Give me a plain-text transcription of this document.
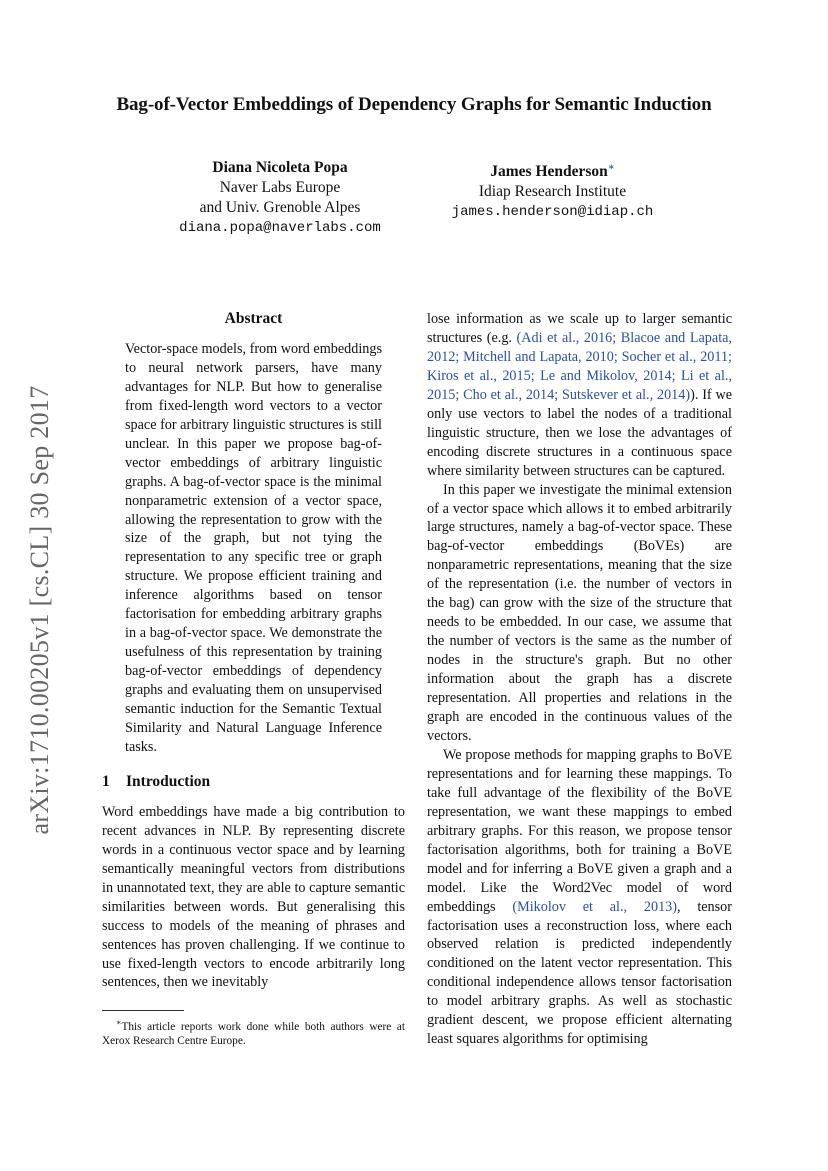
Bag-of-Vector Embeddings of Dependency Graphs for Semantic Induction
Diana Nicoleta Popa
Naver Labs Europe
and Univ. Grenoble Alpes
diana.popa@naverlabs.com
James Henderson∗
Idiap Research Institute
james.henderson@idiap.ch
arXiv:1710.00205v1 [cs.CL] 30 Sep 2017
Abstract

Vector-space models, from word embeddings to neural network parsers, have many advantages for NLP. But how to generalise from fixed-length word vectors to a vector space for arbitrary linguistic structures is still unclear. In this paper we propose bag-of-vector embeddings of arbitrary linguistic graphs. A bag-of-vector space is the minimal nonparametric extension of a vector space, allowing the representation to grow with the size of the graph, but not tying the representation to any specific tree or graph structure. We propose efficient training and inference algorithms based on tensor factorisation for embedding arbitrary graphs in a bag-of-vector space. We demonstrate the usefulness of this representation by training bag-of-vector embeddings of dependency graphs and evaluating them on unsupervised semantic induction for the Semantic Textual Similarity and Natural Language Inference tasks.

1 Introduction

Word embeddings have made a big contribution to recent advances in NLP. By representing discrete words in a continuous vector space and by learning semantically meaningful vectors from distributions in unannotated text, they are able to capture semantic similarities between words. But generalising this success to models of the meaning of phrases and sentences has proven challenging. If we continue to use fixed-length vectors to encode arbitrarily long sentences, then we inevitably

∗This article reports work done while both authors were at Xerox Research Centre Europe.

lose information as we scale up to larger semantic structures (e.g. (Adi et al., 2016; Blacoe and Lapata, 2012; Mitchell and Lapata, 2010; Socher et al., 2011; Kiros et al., 2015; Le and Mikolov, 2014; Li et al., 2015; Cho et al., 2014; Sutskever et al., 2014)). If we only use vectors to label the nodes of a traditional linguistic structure, then we lose the advantages of encoding discrete structures in a continuous space where similarity between structures can be captured.

In this paper we investigate the minimal extension of a vector space which allows it to embed arbitrarily large structures, namely a bag-of-vector space. These bag-of-vector embeddings (BoVEs) are nonparametric representations, meaning that the size of the representation (i.e. the number of vectors in the bag) can grow with the size of the structure that needs to be embedded. In our case, we assume that the number of vectors is the same as the number of nodes in the structure's graph. But no other information about the graph has a discrete representation. All properties and relations in the graph are encoded in the continuous values of the vectors.

We propose methods for mapping graphs to BoVE representations and for learning these mappings. To take full advantage of the flexibility of the BoVE representation, we want these mappings to embed arbitrary graphs. For this reason, we propose tensor factorisation algorithms, both for training a BoVE model and for inferring a BoVE given a graph and a model. Like the Word2Vec model of word embeddings (Mikolov et al., 2013), tensor factorisation uses a reconstruction loss, where each observed relation is predicted independently conditioned on the latent vector representation. This conditional independence allows tensor factorisation to model arbitrary graphs. As well as stochastic gradient descent, we propose efficient alternating least squares algorithms for optimising
